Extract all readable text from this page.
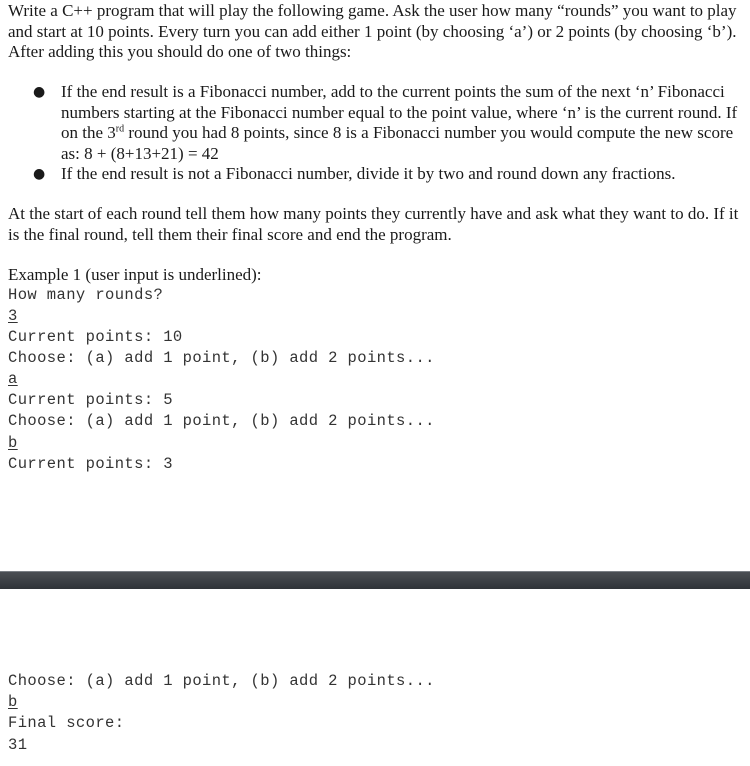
Write a C++ program that will play the following game. Ask the user how many “rounds” you want to play and start at 10 points. Every turn you can add either 1 point (by choosing ‘a’) or 2 points (by choosing ‘b’). After adding this you should do one of two things:

● If the end result is a Fibonacci number, add to the current points the sum of the next ‘n’ Fibonacci numbers starting at the Fibonacci number equal to the point value, where ‘n’ is the current round. If on the 3rd round you had 8 points, since 8 is a Fibonacci number you would compute the new score as: 8 + (8+13+21) = 42
● If the end result is not a Fibonacci number, divide it by two and round down any fractions.

At the start of each round tell them how many points they currently have and ask what they want to do. If it is the final round, tell them their final score and end the program.

Example 1 (user input is underlined):

How many rounds?
3
Current points: 10
Choose: (a) add 1 point, (b) add 2 points...
a
Current points: 5
Choose: (a) add 1 point, (b) add 2 points...
b
Current points: 3
Choose: (a) add 1 point, (b) add 2 points...
b
Final score:
31
